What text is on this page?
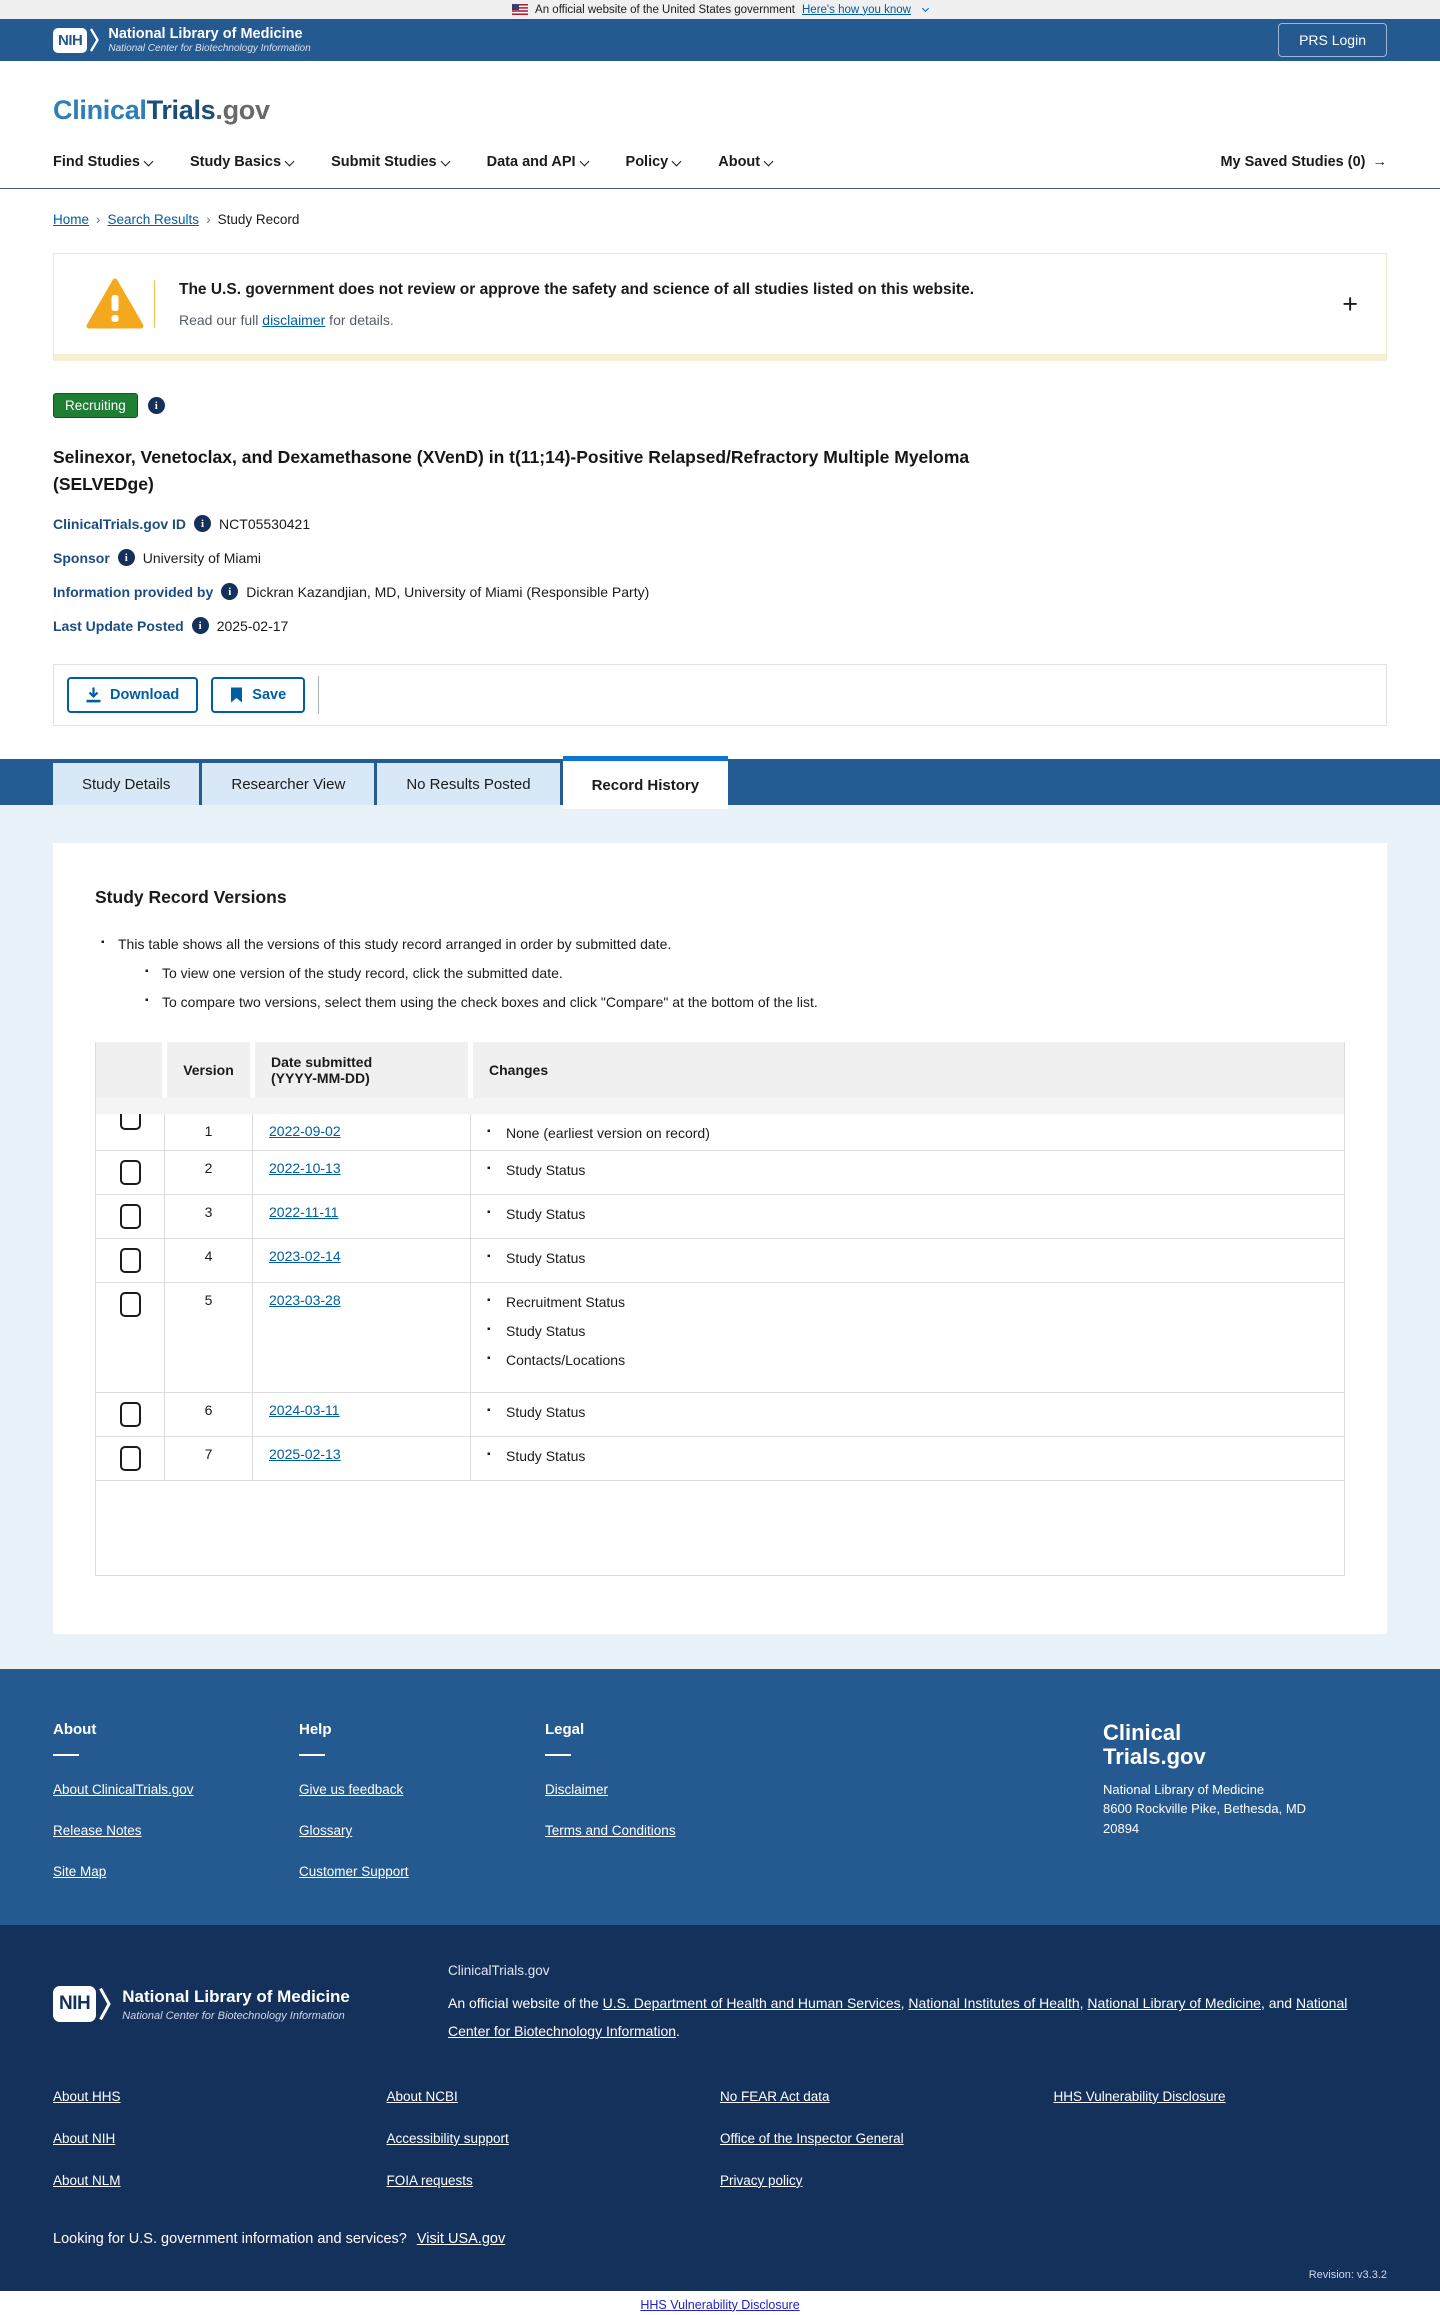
An official website of the United States government Here's how you know
NIH	National Library of Medicine
National Center for Biotechnology Information
PRS Login
ClinicalTrials.gov
Find Studies	Study Basics	Submit Studies	Data and API	Policy	About	My Saved Studies (0) →
Home › Search Results › Study Record
The U.S. government does not review or approve the safety and science of all studies listed on this website.
Read our full disclaimer for details.
+
Recruiting	i
Selinexor, Venetoclax, and Dexamethasone (XVenD) in t(11;14)-Positive Relapsed/Refractory Multiple Myeloma (SELVEDge)
ClinicalTrials.gov ID	i	NCT05530421
Sponsor	i	University of Miami
Information provided by	i	Dickran Kazandjian, MD, University of Miami (Responsible Party)
Last Update Posted	i	2025-02-17
Download	Save
Study Details	Researcher View	No Results Posted	Record History
Study Record Versions
▪ This table shows all the versions of this study record arranged in order by submitted date.
▪ To view one version of the study record, click the submitted date.
▪ To compare two versions, select them using the check boxes and click "Compare" at the bottom of the list.
	Version	Date submitted
(YYYY-MM-DD)	Changes

	1	2022-09-02	
▪None (earliest version on record)

	2	2022-10-13	
▪Study Status

	3	2022-11-11	
▪Study Status

	4	2023-02-14	
▪Study Status

	5	2023-03-28	
▪Recruitment Status
▪ Study Status
▪ Contacts/Locations

	6	2024-03-11	
▪Study Status

	7	2025-02-13	
▪Study Status

About
About ClinicalTrials.gov
Release Notes
Site Map
Help
Give us feedback
Glossary
Customer Support
Legal
Disclaimer
Terms and Conditions
Clinical
Trials.gov
National Library of Medicine
8600 Rockville Pike, Bethesda, MD
20894
NIH	National Library of Medicine
National Center for Biotechnology Information
ClinicalTrials.gov
An official website of the U.S. Department of Health and Human Services, National Institutes of Health, National Library of Medicine, and National Center for Biotechnology Information.
About HHS
About NIH
About NLM
About NCBI
Accessibility support
FOIA requests
No FEAR Act data
Office of the Inspector General
Privacy policy
HHS Vulnerability Disclosure
Looking for U.S. government information and services? Visit USA.gov
Revision: v3.3.2
HHS Vulnerability Disclosure
